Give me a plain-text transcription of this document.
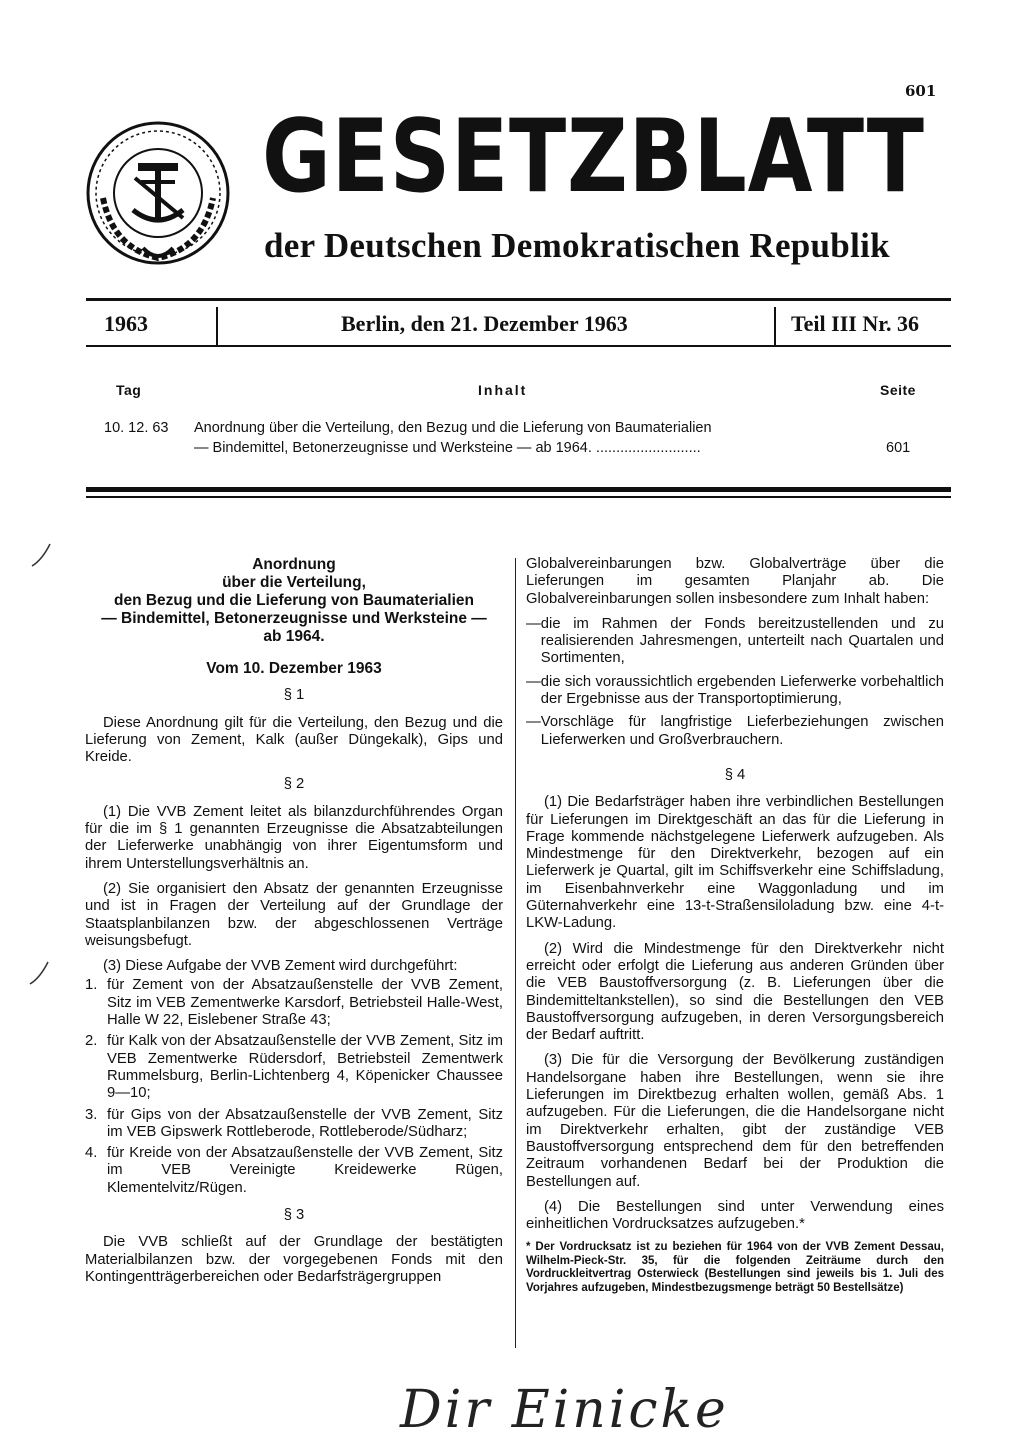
601
GESETZBLATT
der Deutschen Demokratischen Republik
1963	Berlin, den 21. Dezember 1963	Teil III Nr. 36
Tag	Inhalt	Seite
10. 12. 63 Anordnung über die Verteilung, den Bezug und die Lieferung von Baumaterialien
— Bindemittel, Betonerzeugnisse und Werksteine — ab 1964. ..........................	601
Anordnung
über die Verteilung,
den Bezug und die Lieferung von Baumaterialien
— Bindemittel, Betonerzeugnisse und Werksteine —
ab 1964.

Vom 10. Dezember 1963

§ 1

Diese Anordnung gilt für die Verteilung, den Bezug und die Lieferung von Zement, Kalk (außer Düngekalk), Gips und Kreide.

§ 2

(1) Die VVB Zement leitet als bilanzdurchführendes Organ für die im § 1 genannten Erzeugnisse die Absatzabteilungen der Lieferwerke unabhängig von ihrer Eigentumsform und ihrem Unterstellungsverhältnis an.

(2) Sie organisiert den Absatz der genannten Erzeugnisse und ist in Fragen der Verteilung auf der Grundlage der Staatsplanbilanzen bzw. der abgeschlossenen Verträge weisungsbefugt.

(3) Diese Aufgabe der VVB Zement wird durchgeführt:

1. für Zement von der Absatzaußenstelle der VVB Zement, Sitz im VEB Zementwerke Karsdorf, Betriebsteil Halle-West, Halle W 22, Eislebener Straße 43;
2. für Kalk von der Absatzaußenstelle der VVB Zement, Sitz im VEB Zementwerke Rüdersdorf, Betriebsteil Zementwerk Rummelsburg, Berlin-Lichtenberg 4, Köpenicker Chaussee 9—10;
3. für Gips von der Absatzaußenstelle der VVB Zement, Sitz im VEB Gipswerk Rottleberode, Rottleberode/Südharz;
4. für Kreide von der Absatzaußenstelle der VVB Zement, Sitz im VEB Vereinigte Kreidewerke Rügen, Klementelvitz/Rügen.
§ 3

Die VVB schließt auf der Grundlage der bestätigten Materialbilanzen bzw. der vorgegebenen Fonds mit den Kontingentträgerbereichen oder Bedarfsträgergruppen

Globalvereinbarungen bzw. Globalverträge über die Lieferungen im gesamten Planjahr ab. Die Globalvereinbarungen sollen insbesondere zum Inhalt haben:

— die im Rahmen der Fonds bereitzustellenden und zu realisierenden Jahresmengen, unterteilt nach Quartalen und Sortimenten,
— die sich voraussichtlich ergebenden Lieferwerke vorbehaltlich der Ergebnisse aus der Transportoptimierung,
— Vorschläge für langfristige Lieferbeziehungen zwischen Lieferwerken und Großverbrauchern.
§ 4

(1) Die Bedarfsträger haben ihre verbindlichen Bestellungen für Lieferungen im Direktgeschäft an das für die Lieferung in Frage kommende nächstgelegene Lieferwerk aufzugeben. Als Mindestmenge für den Direktverkehr, bezogen auf ein Lieferwerk je Quartal, gilt im Schiffsverkehr eine Schiffsladung, im Eisenbahnverkehr eine Waggonladung und im Güternahverkehr eine 13-t-Straßensiloladung bzw. eine 4-t-LKW-Ladung.

(2) Wird die Mindestmenge für den Direktverkehr nicht erreicht oder erfolgt die Lieferung aus anderen Gründen über die VEB Baustoffversorgung (z. B. Lieferungen über die Bindemitteltankstellen), so sind die Bestellungen den VEB Baustoffversorgung aufzugeben, in deren Versorgungsbereich der Bedarf auftritt.

(3) Die für die Versorgung der Bevölkerung zuständigen Handelsorgane haben ihre Bestellungen, wenn sie ihre Lieferungen im Direktbezug erhalten wollen, gemäß Abs. 1 aufzugeben. Für die Lieferungen, die die Handelsorgane nicht im Direktverkehr erhalten, gibt der zuständige VEB Baustoffversorgung entsprechend dem für den betreffenden Zeitraum vorhandenen Bedarf bei der Produktion die Bestellungen auf.

(4) Die Bestellungen sind unter Verwendung eines einheitlichen Vordrucksatzes aufzugeben.*

* Der Vordrucksatz ist zu beziehen für 1964 von der VVB Zement Dessau, Wilhelm-Pieck-Str. 35, für die folgenden Zeiträume durch den Vordruckleitvertrag Osterwieck (Bestellungen sind jeweils bis 1. Juli des Vorjahres aufzugeben, Mindestbezugsmenge beträgt 50 Bestellsätze)
Dir Einicke
